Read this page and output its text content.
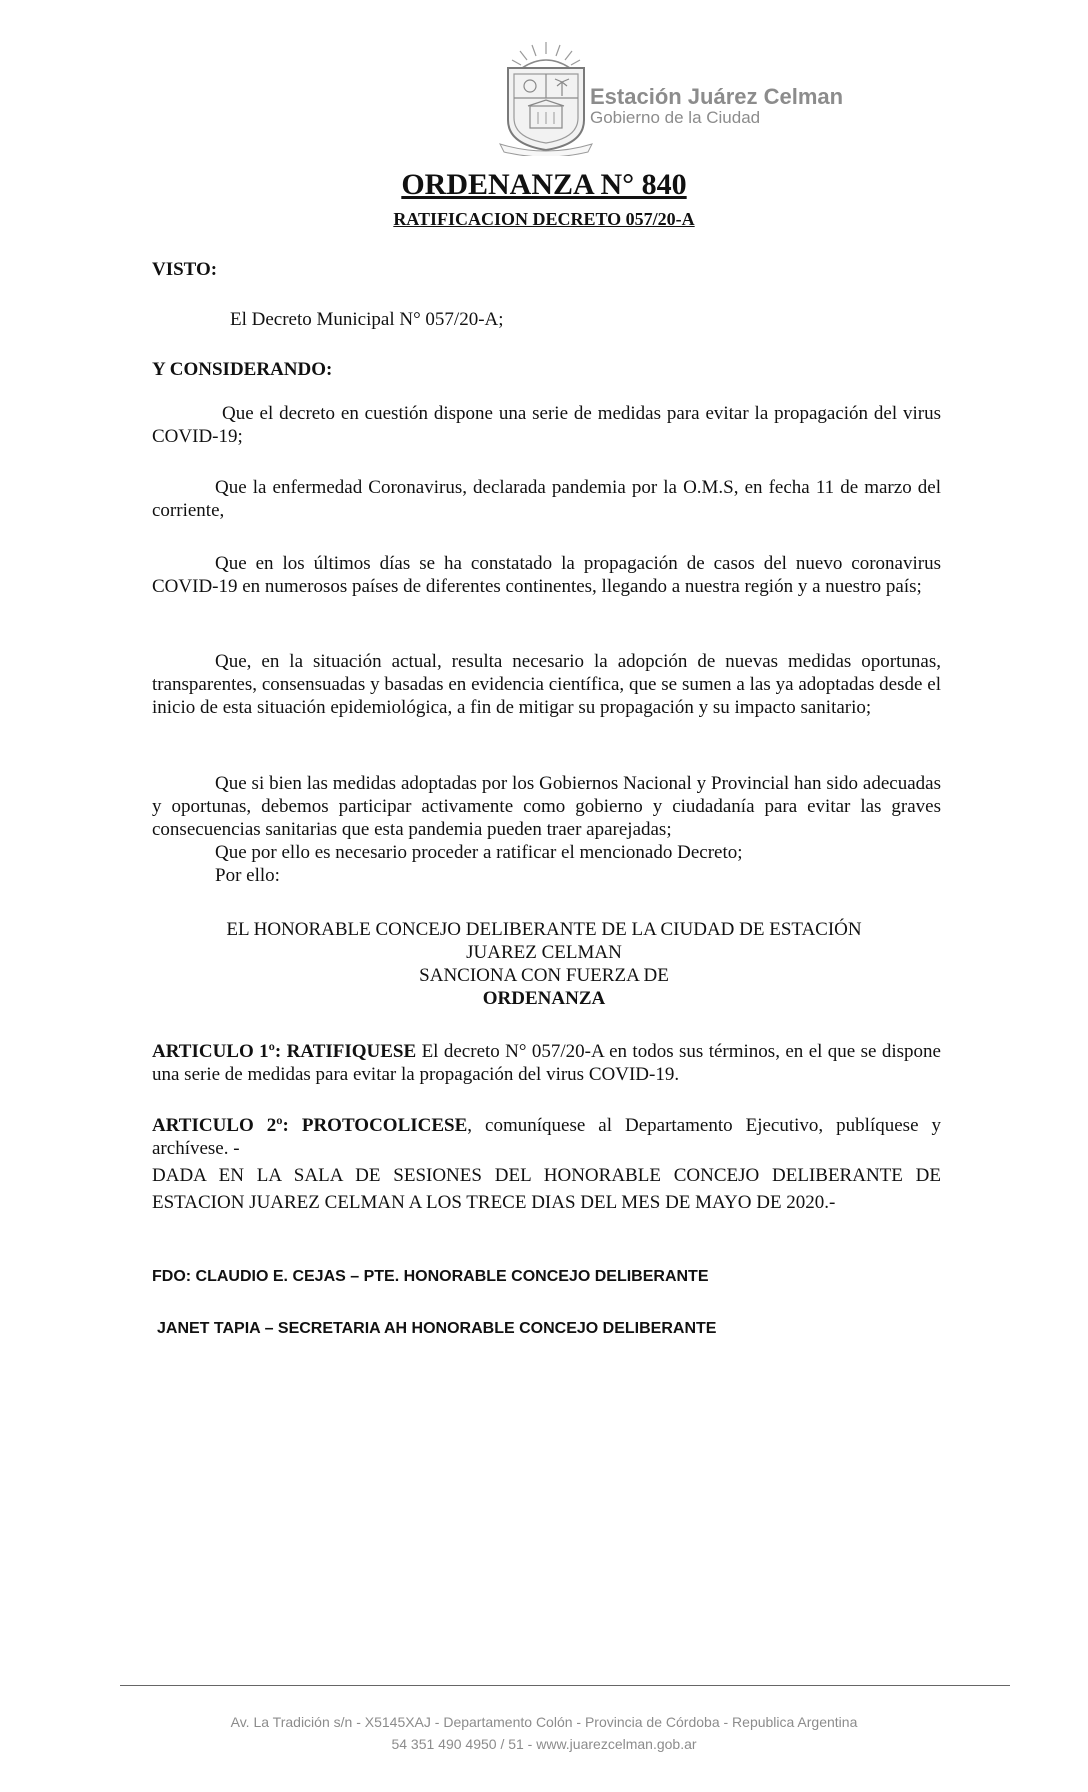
Estación Juárez Celman
Gobierno de la Ciudad
ORDENANZA N° 840
RATIFICACION DECRETO 057/20-A
VISTO:
El Decreto Municipal N° 057/20-A;
Y CONSIDERANDO:
Que el decreto en cuestión dispone una serie de medidas para evitar la propagación del virus COVID-19;
Que la enfermedad Coronavirus, declarada pandemia por la O.M.S, en fecha 11 de marzo del corriente,
Que en los últimos días se ha constatado la propagación de casos del nuevo coronavirus COVID-19 en numerosos países de diferentes continentes, llegando a nuestra región y a nuestro país;
Que, en la situación actual, resulta necesario la adopción de nuevas medidas oportunas, transparentes, consensuadas y basadas en evidencia científica, que se sumen a las ya adoptadas desde el inicio de esta situación epidemiológica, a fin de mitigar su propagación y su impacto sanitario;
Que si bien las medidas adoptadas por los Gobiernos Nacional y Provincial han sido adecuadas y oportunas, debemos participar activamente como gobierno y ciudadanía para evitar las graves consecuencias sanitarias que esta pandemia pueden traer aparejadas;
Que por ello es necesario proceder a ratificar el mencionado Decreto;
Por ello:
EL HONORABLE CONCEJO DELIBERANTE DE LA CIUDAD DE ESTACIÓN
JUAREZ CELMAN
SANCIONA CON FUERZA DE
ORDENANZA
ARTICULO 1º: RATIFIQUESE El decreto N° 057/20-A en todos sus términos, en el que se dispone una serie de medidas para evitar la propagación del virus COVID-19.
ARTICULO 2º: PROTOCOLICESE, comuníquese al Departamento Ejecutivo, publíquese y archívese. -
DADA EN LA SALA DE SESIONES DEL HONORABLE CONCEJO DELIBERANTE DE ESTACION JUAREZ CELMAN A LOS TRECE DIAS DEL MES DE MAYO DE 2020.-
FDO: CLAUDIO E. CEJAS – PTE. HONORABLE CONCEJO DELIBERANTE
JANET TAPIA – SECRETARIA AH HONORABLE CONCEJO DELIBERANTE
Av. La Tradición s/n - X5145XAJ - Departamento Colón - Provincia de Córdoba - Republica Argentina
54 351 490 4950 / 51 - www.juarezcelman.gob.ar
